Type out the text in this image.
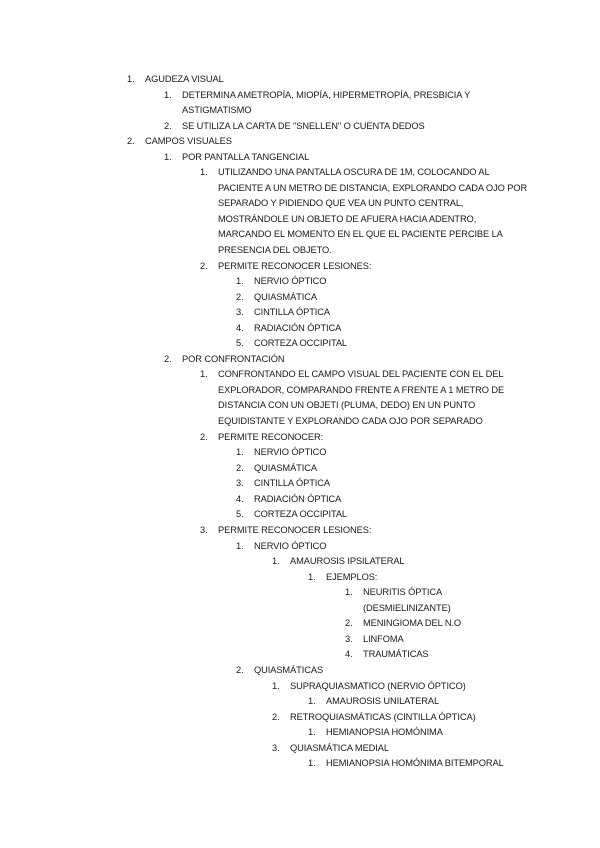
1. AGUDEZA VISUAL
1. DETERMINA AMETROPÍA, MIOPÍA, HIPERMETROPÍA, PRESBICIA Y
ASTIGMATISMO
2. SE UTILIZA LA CARTA DE "SNELLEN" O CUENTA DEDOS
2. CAMPOS VISUALES
1. POR PANTALLA TANGENCIAL
1. UTILIZANDO UNA PANTALLA OSCURA DE 1M, COLOCANDO AL
PACIENTE A UN METRO DE DISTANCIA, EXPLORANDO CADA OJO POR
SEPARADO Y PIDIENDO QUE VEA UN PUNTO CENTRAL,
MOSTRÁNDOLE UN OBJETO DE AFUERA HACIA ADENTRO,
MARCANDO EL MOMENTO EN EL QUE EL PACIENTE PERCIBE LA
PRESENCIA DEL OBJETO.
2. PERMITE RECONOCER LESIONES:
1. NERVIO ÓPTICO
2. QUIASMÁTICA
3. CINTILLA ÓPTICA
4. RADIACIÓN ÓPTICA
5. CORTEZA OCCIPITAL
2. POR CONFRONTACIÓN
1. CONFRONTANDO EL CAMPO VISUAL DEL PACIENTE CON EL DEL
EXPLORADOR, COMPARANDO FRENTE A FRENTE A 1 METRO DE
DISTANCIA CON UN OBJETI (PLUMA, DEDO) EN UN PUNTO
EQUIDISTANTE Y EXPLORANDO CADA OJO POR SEPARADO
2. PERMITE RECONOCER:
1. NERVIO ÓPTICO
2. QUIASMÁTICA
3. CINTILLA ÓPTICA
4. RADIACIÓN ÓPTICA
5. CORTEZA OCCIPITAL
3. PERMITE RECONOCER LESIONES:
1. NERVIO ÓPTICO
1. AMAUROSIS IPSILATERAL
1. EJEMPLOS:
1. NEURITIS ÓPTICA
(DESMIELINIZANTE)
2. MENINGIOMA DEL N.O
3. LINFOMA
4. TRAUMÁTICAS
2. QUIASMÁTICAS
1. SUPRAQUIASMATICO (NERVIO ÓPTICO)
1. AMAUROSIS UNILATERAL
2. RETROQUIASMÁTICAS (CINTILLA ÓPTICA)
1. HEMIANOPSIA HOMÓNIMA
3. QUIASMÁTICA MEDIAL
1. HEMIANOPSIA HOMÓNIMA BITEMPORAL
